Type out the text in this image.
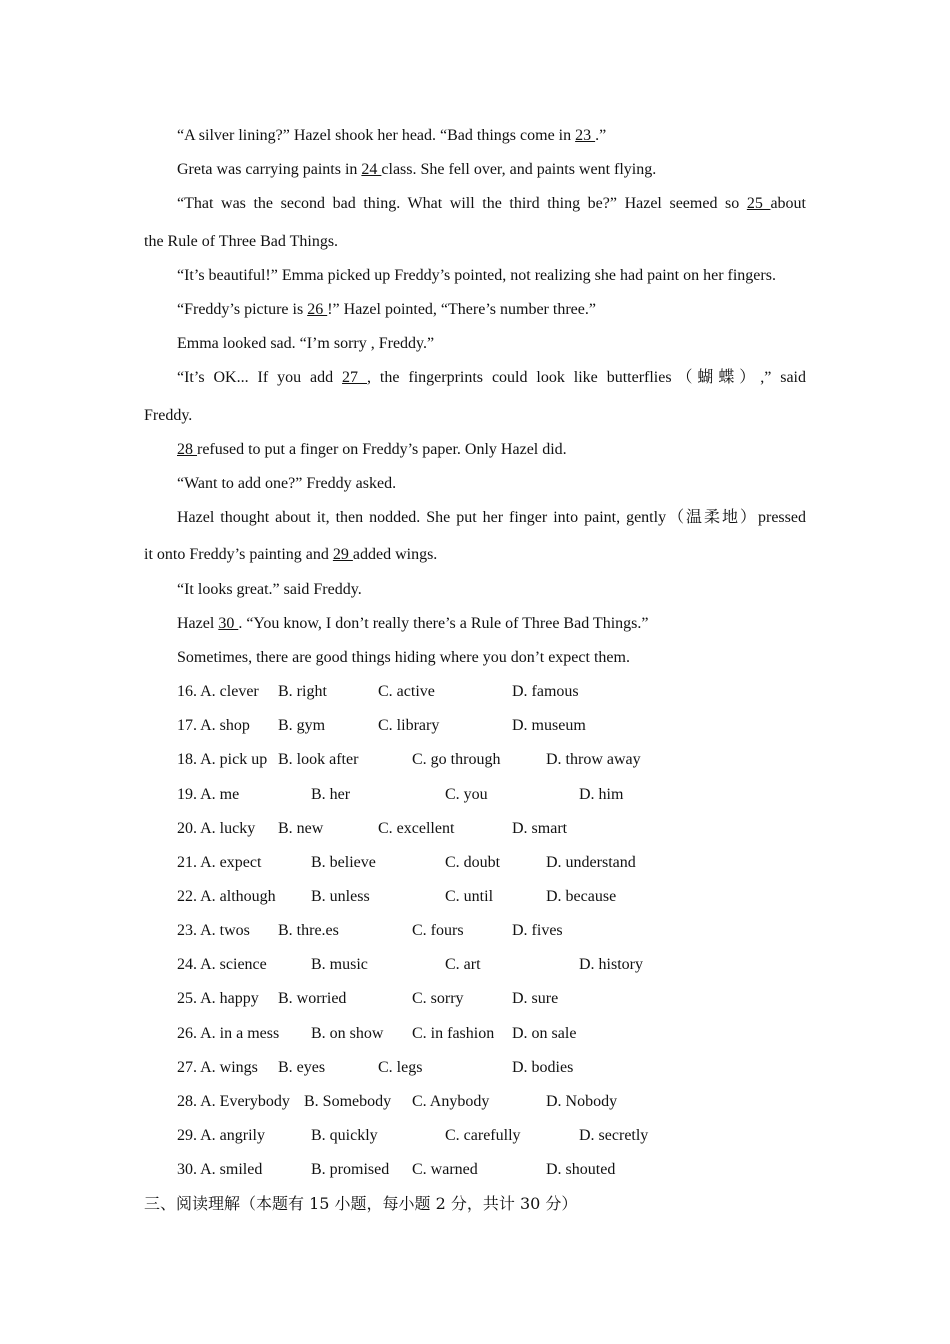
“A silver lining?” Hazel shook her head. “Bad things come in 23 .”
Greta was carrying paints in 24 class. She fell over, and paints went flying.
“That was the second bad thing. What will the third thing be?” Hazel seemed so 25 about
the Rule of Three Bad Things.
“It’s beautiful!” Emma picked up Freddy’s pointed, not realizing she had paint on her fingers.
“Freddy’s picture is 26 !” Hazel pointed, “There’s number three.”
Emma looked sad. “I’m sorry , Freddy.”
“It’s OK... If you add 27 , the fingerprints could look like butterflies（蝴蝶）,” said
Freddy.
28 refused to put a finger on Freddy’s paper. Only Hazel did.
“Want to add one?” Freddy asked.
Hazel thought about it, then nodded. She put her finger into paint, gently（温柔地）pressed
it onto Freddy’s painting and 29 added wings.
“It looks great.” said Freddy.
Hazel 30 . “You know, I don’t really there’s a Rule of Three Bad Things.”
Sometimes, there are good things hiding where you don’t expect them.
16. A. clever B. right	C. active	D. famous
17. A. shop B. gym	C. library	D. museum
18. A. pick up B. look after	C. go through	D. throw away
19. A. me	B. her	C. you	D. him
20. A. lucky B. new	C. excellent	D. smart
21. A. expect	B. believe	C. doubt	D. understand
22. A. although B. unless	C. until	D. because
23. A. twos B. thre.es	C. fours	D. fives
24. A. science	B. music	C. art	D. history
25. A. happy B. worried	C. sorry	D. sure
26. A. in a mess B. on show C. in fashion D. on sale
27. A. wings B. eyes	C. legs	D. bodies
28. A. Everybody B. Somebody C. Anybody	D. Nobody
29. A. angrily	B. quickly	C. carefully	D. secretly
30. A. smiled	B. promised C. warned	D. shouted
三、阅读理解（本题有 15 小题，每小题 2 分，共计 30 分）
